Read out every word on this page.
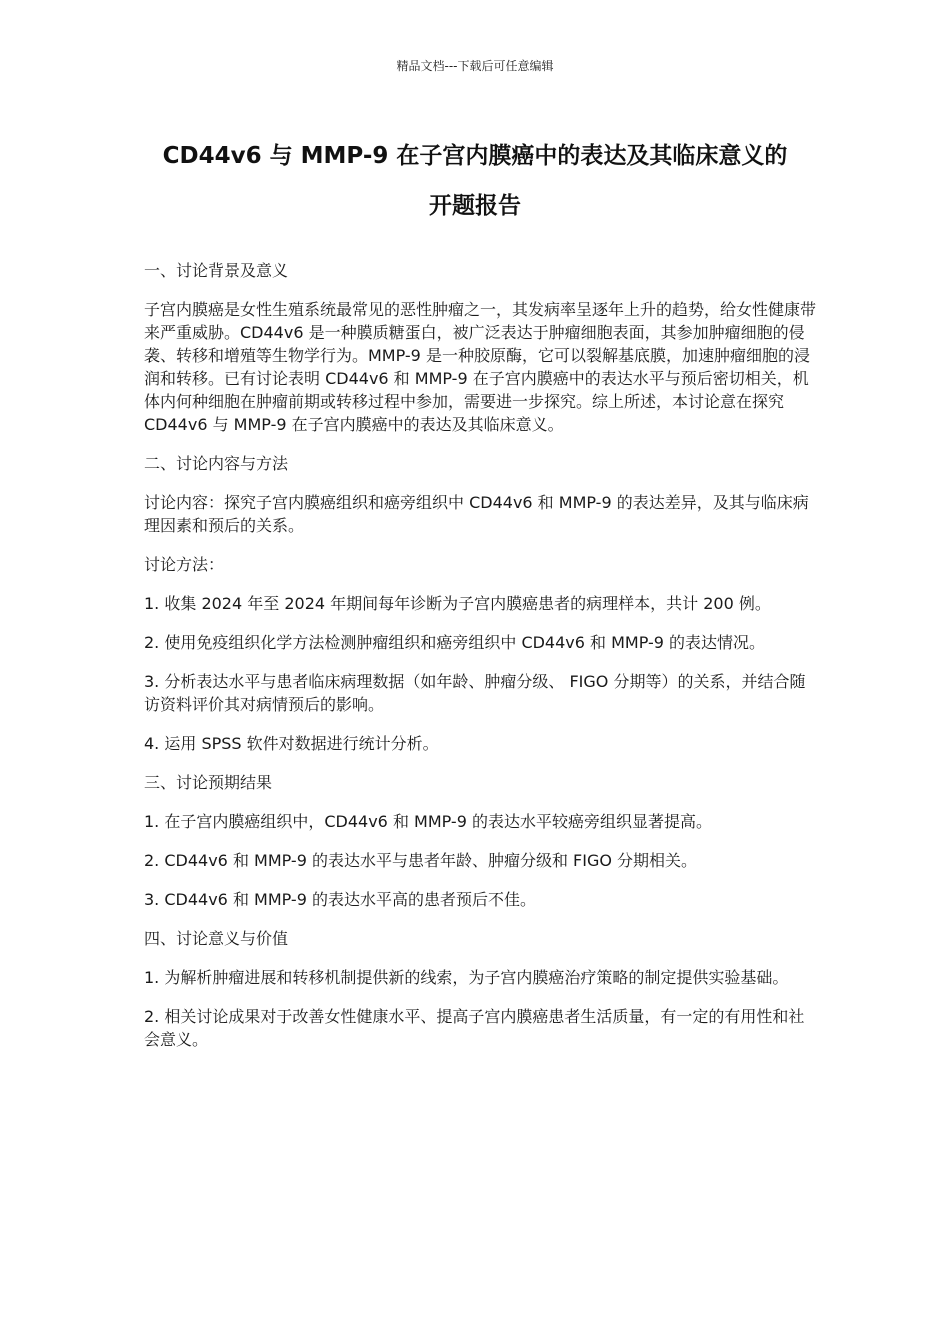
精品文档---下载后可任意编辑
CD44v6 与 MMP-9 在子宫内膜癌中的表达及其临床意义的
开题报告

一、讨论背景及意义

子宫内膜癌是女性生殖系统最常见的恶性肿瘤之一，其发病率呈逐年上升的趋势，给女性健康带来严重威胁。CD44v6 是一种膜质糖蛋白，被广泛表达于肿瘤细胞表面，其参加肿瘤细胞的侵袭、转移和增殖等生物学行为。MMP-9 是一种胶原酶，它可以裂解基底膜，加速肿瘤细胞的浸润和转移。已有讨论表明 CD44v6 和 MMP-9 在子宫内膜癌中的表达水平与预后密切相关，机体内何种细胞在肿瘤前期或转移过程中参加，需要进一步探究。综上所述，本讨论意在探究 CD44v6 与 MMP-9 在子宫内膜癌中的表达及其临床意义。

二、讨论内容与方法

讨论内容：探究子宫内膜癌组织和癌旁组织中 CD44v6 和 MMP-9 的表达差异，及其与临床病理因素和预后的关系。

讨论方法：

1. 收集 2024 年至 2024 年期间每年诊断为子宫内膜癌患者的病理样本，共计 200 例。

2. 使用免疫组织化学方法检测肿瘤组织和癌旁组织中 CD44v6 和 MMP-9 的表达情况。

3. 分析表达水平与患者临床病理数据（如年龄、肿瘤分级、 FIGO 分期等）的关系，并结合随访资料评价其对病情预后的影响。

4. 运用 SPSS 软件对数据进行统计分析。

三、讨论预期结果

1. 在子宫内膜癌组织中，CD44v6 和 MMP-9 的表达水平较癌旁组织显著提高。

2. CD44v6 和 MMP-9 的表达水平与患者年龄、肿瘤分级和 FIGO 分期相关。

3. CD44v6 和 MMP-9 的表达水平高的患者预后不佳。

四、讨论意义与价值

1. 为解析肿瘤进展和转移机制提供新的线索，为子宫内膜癌治疗策略的制定提供实验基础。

2. 相关讨论成果对于改善女性健康水平、提高子宫内膜癌患者生活质量，有一定的有用性和社会意义。
